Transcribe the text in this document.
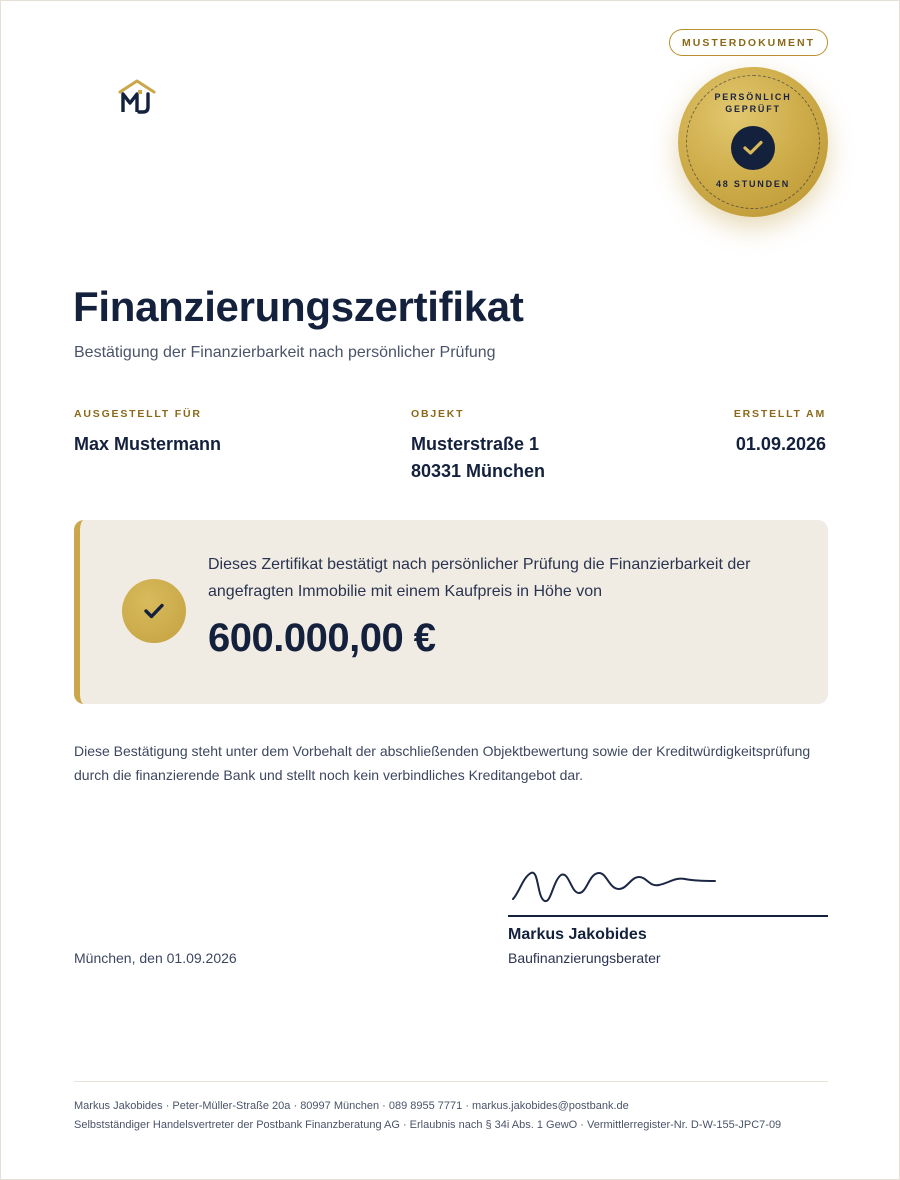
MUSTERDOKUMENT
PERSÖNLICH
GEPRÜFT
48 STUNDEN
Finanzierungszertifikat

Bestätigung der Finanzierbarkeit nach persönlicher Prüfung

AUSGESTELLT FÜR
Max Mustermann
OBJEKT
Musterstraße 1
80331 München
ERSTELLT AM
01.09.2026

Dieses Zertifikat bestätigt nach persönlicher Prüfung die Finanzierbarkeit der angefragten Immobilie mit einem Kaufpreis in Höhe von

600.000,00 €

Diese Bestätigung steht unter dem Vorbehalt der abschließenden Objektbewertung sowie der Kreditwürdigkeitsprüfung durch die finanzierende Bank und stellt noch kein verbindliches Kreditangebot dar.

Markus Jakobides
Baufinanzierungsberater
München, den 01.09.2026
Markus Jakobides · Peter-Müller-Straße 20a · 80997 München · 089 8955 7771 · markus.jakobides@postbank.de
Selbstständiger Handelsvertreter der Postbank Finanzberatung AG · Erlaubnis nach § 34i Abs. 1 GewO · Vermittlerregister-Nr. D-W-155-JPC7-09
